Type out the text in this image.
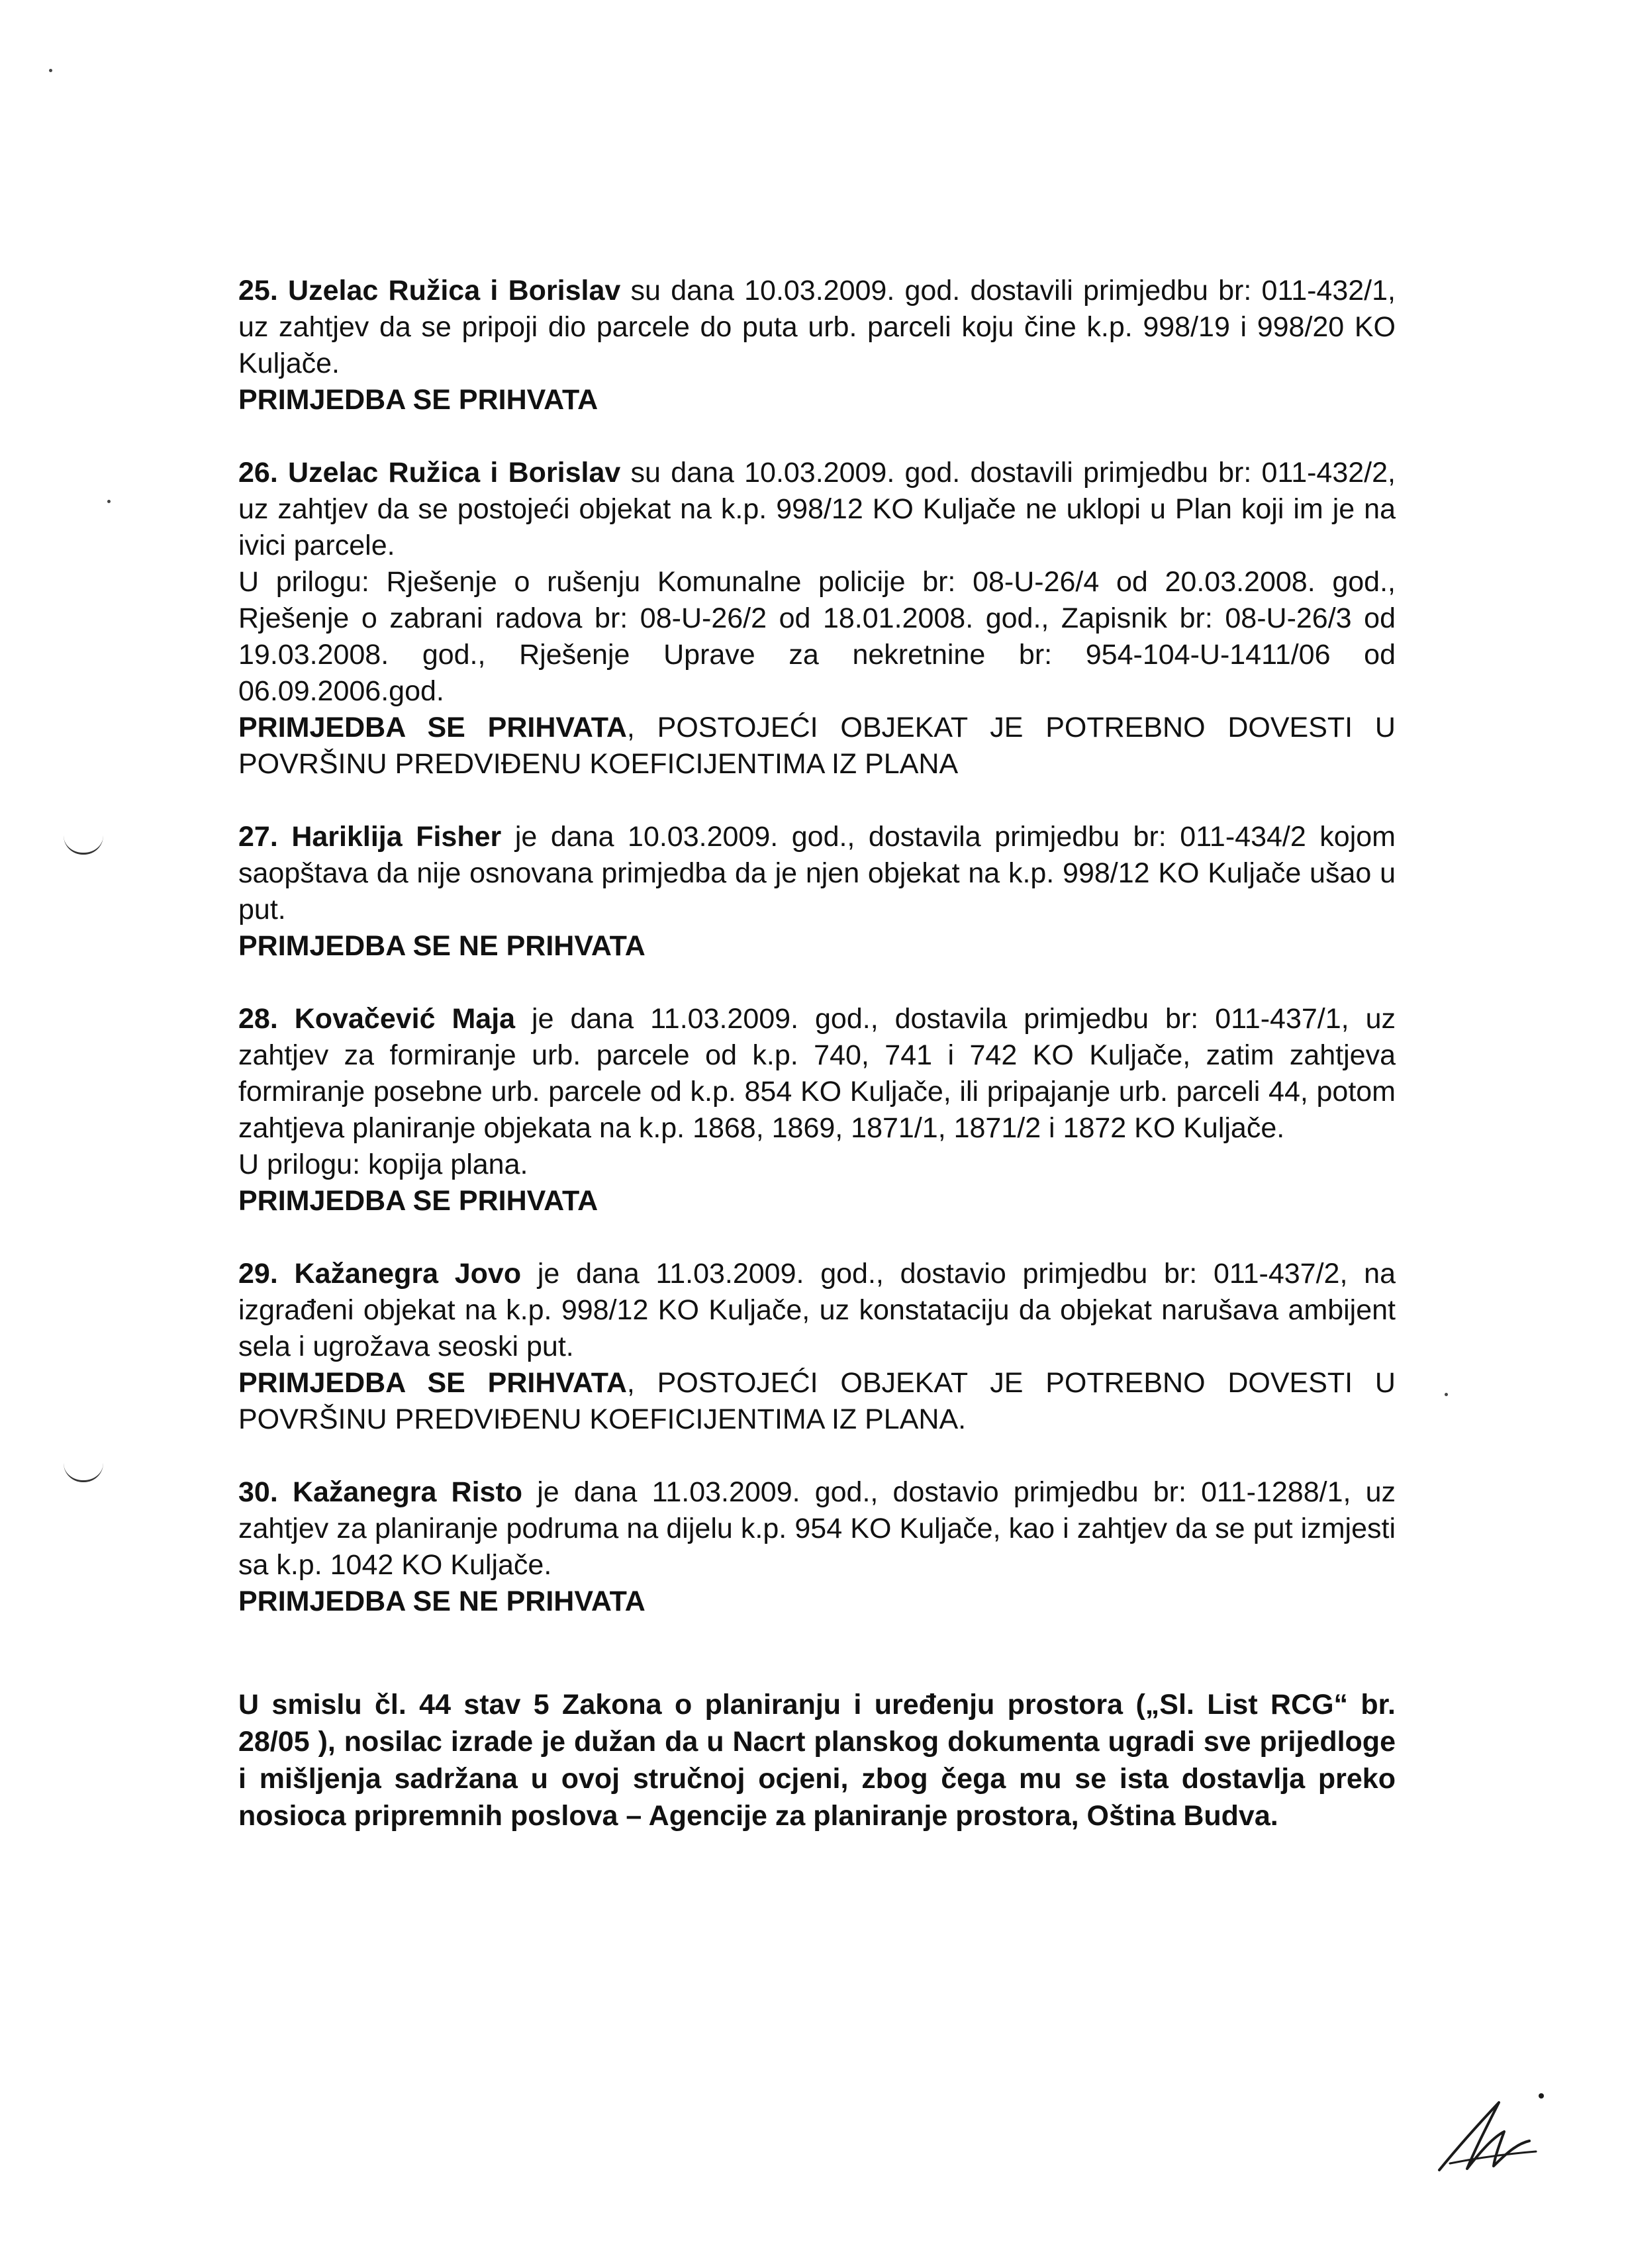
25. Uzelac Ružica i Borislav su dana 10.03.2009. god. dostavili primjedbu br: 011-432/1, uz zahtjev da se pripoji dio parcele do puta urb. parceli koju čine k.p. 998/19 i 998/20 KO Kuljače.

PRIMJEDBA SE PRIHVATA

26. Uzelac Ružica i Borislav su dana 10.03.2009. god. dostavili primjedbu br: 011-432/2, uz zahtjev da se postojeći objekat na k.p. 998/12 KO Kuljače ne uklopi u Plan koji im je na ivici parcele.

U prilogu: Rješenje o rušenju Komunalne policije br: 08-U-26/4 od 20.03.2008. god., Rješenje o zabrani radova br: 08-U-26/2 od 18.01.2008. god., Zapisnik br: 08-U-26/3 od 19.03.2008. god., Rješenje Uprave za nekretnine br: 954-104-U-1411/06 od 06.09.2006.god.

PRIMJEDBA SE PRIHVATA, POSTOJEĆI OBJEKAT JE POTREBNO DOVESTI U POVRŠINU PREDVIĐENU KOEFICIJENTIMA IZ PLANA

27. Hariklija Fisher je dana 10.03.2009. god., dostavila primjedbu br: 011-434/2 kojom saopštava da nije osnovana primjedba da je njen objekat na k.p. 998/12 KO Kuljače ušao u put.

PRIMJEDBA SE NE PRIHVATA

28. Kovačević Maja je dana 11.03.2009. god., dostavila primjedbu br: 011-437/1, uz zahtjev za formiranje urb. parcele od k.p. 740, 741 i 742 KO Kuljače, zatim zahtjeva formiranje posebne urb. parcele od k.p. 854 KO Kuljače, ili pripajanje urb. parceli 44, potom zahtjeva planiranje objekata na k.p. 1868, 1869, 1871/1, 1871/2 i 1872 KO Kuljače.

U prilogu: kopija plana.

PRIMJEDBA SE PRIHVATA

29. Kažanegra Jovo je dana 11.03.2009. god., dostavio primjedbu br: 011-437/2, na izgrađeni objekat na k.p. 998/12 KO Kuljače, uz konstataciju da objekat narušava ambijent sela i ugrožava seoski put.

PRIMJEDBA SE PRIHVATA, POSTOJEĆI OBJEKAT JE POTREBNO DOVESTI U POVRŠINU PREDVIĐENU KOEFICIJENTIMA IZ PLANA.

30. Kažanegra Risto je dana 11.03.2009. god., dostavio primjedbu br: 011-1288/1, uz zahtjev za planiranje podruma na dijelu k.p. 954 KO Kuljače, kao i zahtjev da se put izmjesti sa k.p. 1042 KO Kuljače.

PRIMJEDBA SE NE PRIHVATA

U smislu čl. 44 stav 5 Zakona o planiranju i uređenju prostora („Sl. List RCG“ br. 28/05 ), nosilac izrade je dužan da u Nacrt planskog dokumenta ugradi sve prijedloge i mišljenja sadržana u ovoj stručnoj ocjeni, zbog čega mu se ista dostavlja preko nosioca pripremnih poslova – Agencije za planiranje prostora, Oština Budva.
